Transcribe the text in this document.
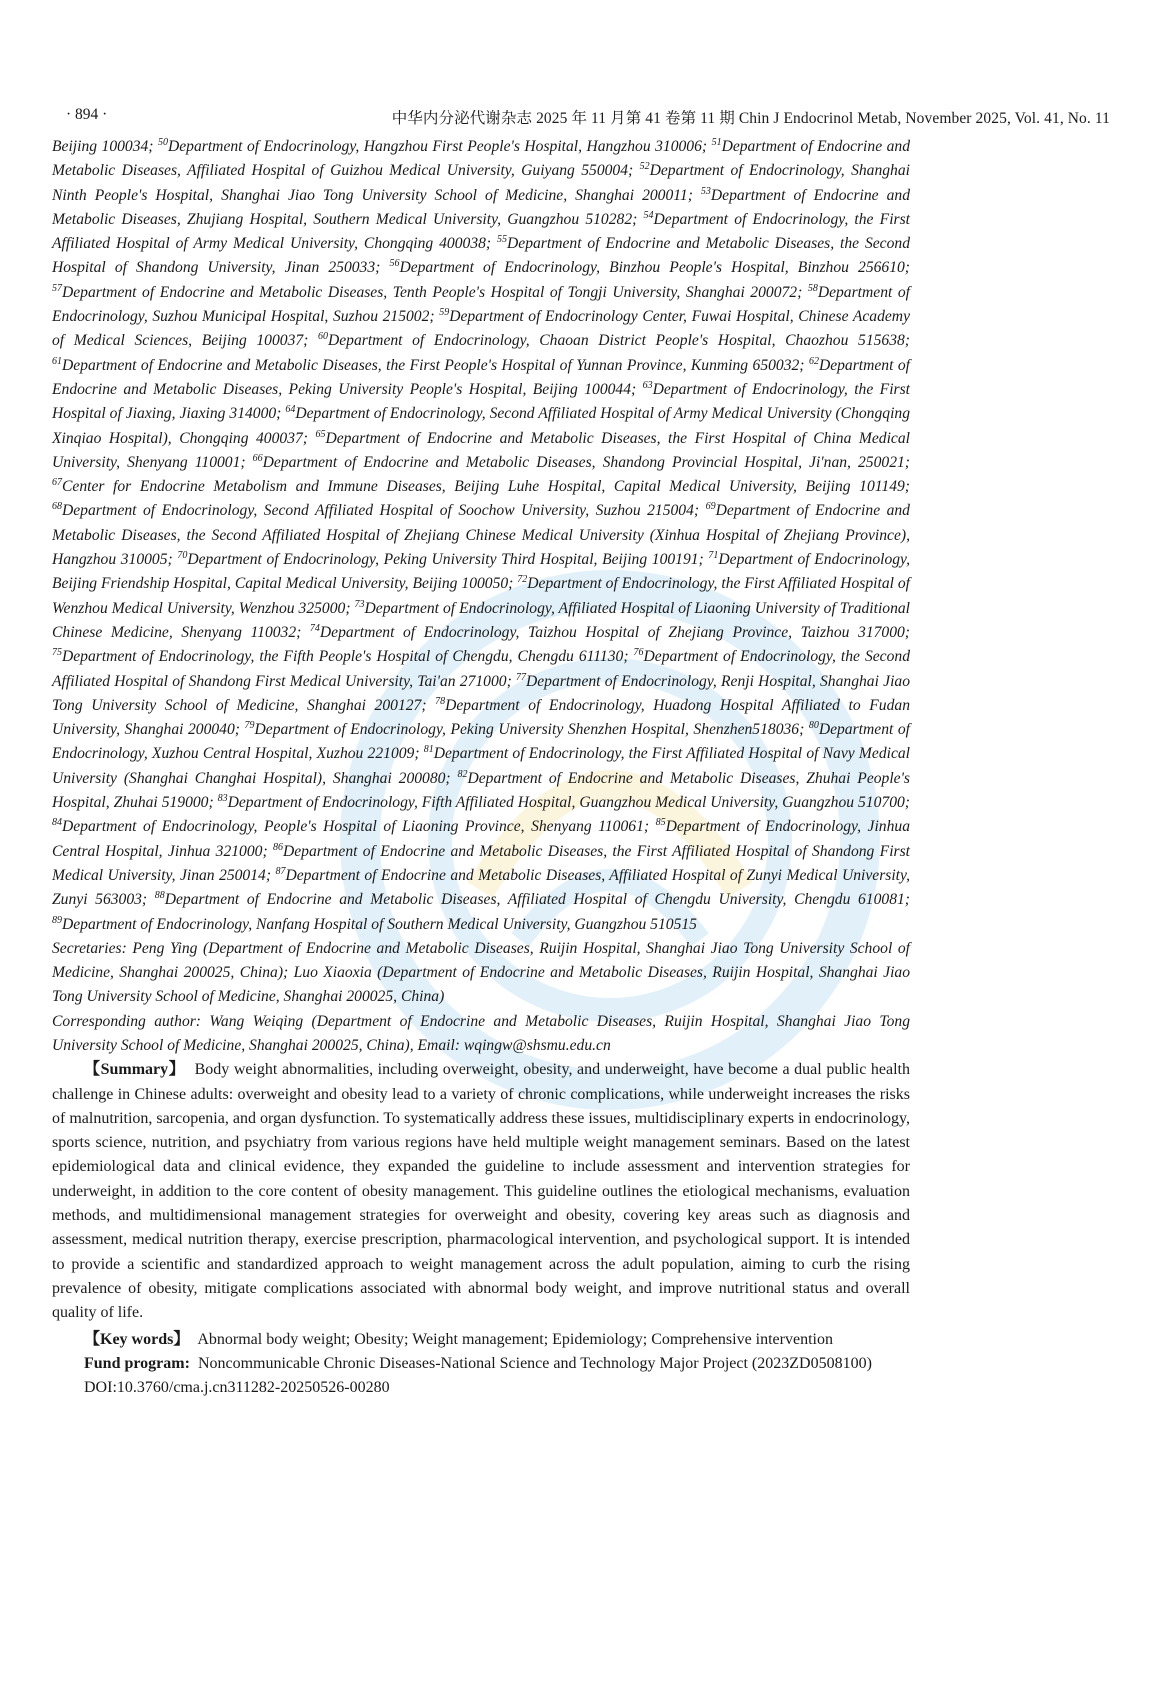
· 894 ·	中华内分泌代谢杂志 2025 年 11 月第 41 卷第 11 期 Chin J Endocrinol Metab, November 2025, Vol. 41, No. 11

Beijing 100034; $^{50}$Department of Endocrinology, Hangzhou First People's Hospital, Hangzhou 310006; $^{51}$Department of Endocrine and Metabolic Diseases, Affiliated Hospital of Guizhou Medical University, Guiyang 550004; $^{52}$Department of Endocrinology, Shanghai Ninth People's Hospital, Shanghai Jiao Tong University School of Medicine, Shanghai 200011; $^{53}$Department of Endocrine and Metabolic Diseases, Zhujiang Hospital, Southern Medical University, Guangzhou 510282; $^{54}$Department of Endocrinology, the First Affiliated Hospital of Army Medical University, Chongqing 400038; $^{55}$Department of Endocrine and Metabolic Diseases, the Second Hospital of Shandong University, Jinan 250033; $^{56}$Department of Endocrinology, Binzhou People's Hospital, Binzhou 256610; $^{57}$Department of Endocrine and Metabolic Diseases, Tenth People's Hospital of Tongji University, Shanghai 200072; $^{58}$Department of Endocrinology, Suzhou Municipal Hospital, Suzhou 215002; $^{59}$Department of Endocrinology Center, Fuwai Hospital, Chinese Academy of Medical Sciences, Beijing 100037; $^{60}$Department of Endocrinology, Chaoan District People's Hospital, Chaozhou 515638; $^{61}$Department of Endocrine and Metabolic Diseases, the First People's Hospital of Yunnan Province, Kunming 650032; $^{62}$Department of Endocrine and Metabolic Diseases, Peking University People's Hospital, Beijing 100044; $^{63}$Department of Endocrinology, the First Hospital of Jiaxing, Jiaxing 314000; $^{64}$Department of Endocrinology, Second Affiliated Hospital of Army Medical University (Chongqing Xinqiao Hospital), Chongqing 400037; $^{65}$Department of Endocrine and Metabolic Diseases, the First Hospital of China Medical University, Shenyang 110001; $^{66}$Department of Endocrine and Metabolic Diseases, Shandong Provincial Hospital, Ji'nan, 250021; $^{67}$Center for Endocrine Metabolism and Immune Diseases, Beijing Luhe Hospital, Capital Medical University, Beijing 101149; $^{68}$Department of Endocrinology, Second Affiliated Hospital of Soochow University, Suzhou 215004; $^{69}$Department of Endocrine and Metabolic Diseases, the Second Affiliated Hospital of Zhejiang Chinese Medical University (Xinhua Hospital of Zhejiang Province), Hangzhou 310005; $^{70}$Department of Endocrinology, Peking University Third Hospital, Beijing 100191; $^{71}$Department of Endocrinology, Beijing Friendship Hospital, Capital Medical University, Beijing 100050; $^{72}$Department of Endocrinology, the First Affiliated Hospital of Wenzhou Medical University, Wenzhou 325000; $^{73}$Department of Endocrinology, Affiliated Hospital of Liaoning University of Traditional Chinese Medicine, Shenyang 110032; $^{74}$Department of Endocrinology, Taizhou Hospital of Zhejiang Province, Taizhou 317000; $^{75}$Department of Endocrinology, the Fifth People's Hospital of Chengdu, Chengdu 611130; $^{76}$Department of Endocrinology, the Second Affiliated Hospital of Shandong First Medical University, Tai'an 271000; $^{77}$Department of Endocrinology, Renji Hospital, Shanghai Jiao Tong University School of Medicine, Shanghai 200127; $^{78}$Department of Endocrinology, Huadong Hospital Affiliated to Fudan University, Shanghai 200040; $^{79}$Department of Endocrinology, Peking University Shenzhen Hospital, Shenzhen518036; $^{80}$Department of Endocrinology, Xuzhou Central Hospital, Xuzhou 221009; $^{81}$Department of Endocrinology, the First Affiliated Hospital of Navy Medical University (Shanghai Changhai Hospital), Shanghai 200080; $^{82}$Department of Endocrine and Metabolic Diseases, Zhuhai People's Hospital, Zhuhai 519000; $^{83}$Department of Endocrinology, Fifth Affiliated Hospital, Guangzhou Medical University, Guangzhou 510700; $^{84}$Department of Endocrinology, People's Hospital of Liaoning Province, Shenyang 110061; $^{85}$Department of Endocrinology, Jinhua Central Hospital, Jinhua 321000; $^{86}$Department of Endocrine and Metabolic Diseases, the First Affiliated Hospital of Shandong First Medical University, Jinan 250014; $^{87}$Department of Endocrine and Metabolic Diseases, Affiliated Hospital of Zunyi Medical University, Zunyi 563003; $^{88}$Department of Endocrine and Metabolic Diseases, Affiliated Hospital of Chengdu University, Chengdu 610081; $^{89}$Department of Endocrinology, Nanfang Hospital of Southern Medical University, Guangzhou 510515

Secretaries: Peng Ying (Department of Endocrine and Metabolic Diseases, Ruijin Hospital, Shanghai Jiao Tong University School of Medicine, Shanghai 200025, China); Luo Xiaoxia (Department of Endocrine and Metabolic Diseases, Ruijin Hospital, Shanghai Jiao Tong University School of Medicine, Shanghai 200025, China)

Corresponding author: Wang Weiqing (Department of Endocrine and Metabolic Diseases, Ruijin Hospital, Shanghai Jiao Tong University School of Medicine, Shanghai 200025, China), Email: wqingw@shsmu.edu.cn

【Summary】 Body weight abnormalities, including overweight, obesity, and underweight, have become a dual public health challenge in Chinese adults: overweight and obesity lead to a variety of chronic complications, while underweight increases the risks of malnutrition, sarcopenia, and organ dysfunction. To systematically address these issues, multidisciplinary experts in endocrinology, sports science, nutrition, and psychiatry from various regions have held multiple weight management seminars. Based on the latest epidemiological data and clinical evidence, they expanded the guideline to include assessment and intervention strategies for underweight, in addition to the core content of obesity management. This guideline outlines the etiological mechanisms, evaluation methods, and multidimensional management strategies for overweight and obesity, covering key areas such as diagnosis and assessment, medical nutrition therapy, exercise prescription, pharmacological intervention, and psychological support. It is intended to provide a scientific and standardized approach to weight management across the adult population, aiming to curb the rising prevalence of obesity, mitigate complications associated with abnormal body weight, and improve nutritional status and overall quality of life.

【Key words】 Abnormal body weight; Obesity; Weight management; Epidemiology; Comprehensive intervention

Fund program: Noncommunicable Chronic Diseases-National Science and Technology Major Project (2023ZD0508100)

DOI:10.3760/cma.j.cn311282-20250526-00280
